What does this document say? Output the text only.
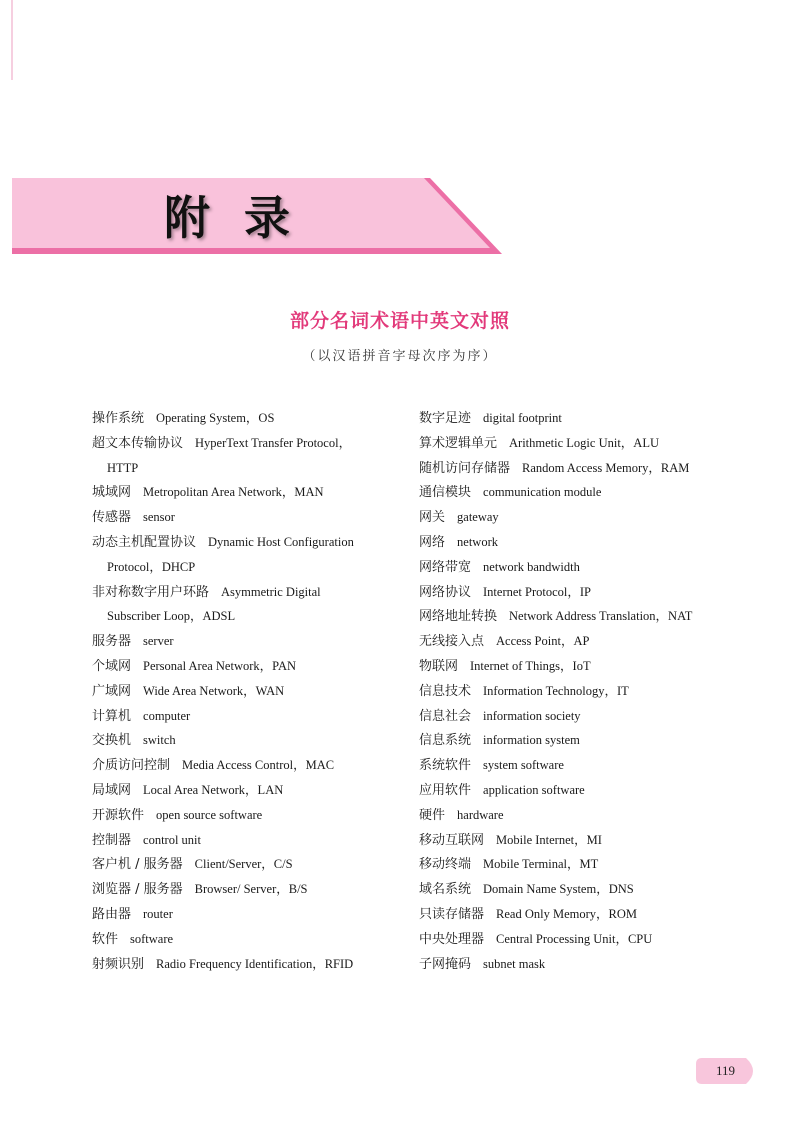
附录
部分名词术语中英文对照
（以汉语拼音字母次序为序）
操作系统 Operating System，OS
超文本传输协议 HyperText Transfer Protocol，
HTTP
城域网 Metropolitan Area Network，MAN
传感器 sensor
动态主机配置协议 Dynamic Host Configuration
Protocol，DHCP
非对称数字用户环路 Asymmetric Digital
Subscriber Loop，ADSL
服务器 server
个域网 Personal Area Network，PAN
广域网 Wide Area Network，WAN
计算机 computer
交换机 switch
介质访问控制 Media Access Control，MAC
局域网 Local Area Network，LAN
开源软件 open source software
控制器 control unit
客户机 / 服务器 Client/Server，C/S
浏览器 / 服务器 Browser/ Server，B/S
路由器 router
软件 software
射频识别 Radio Frequency Identification，RFID
数字足迹 digital footprint
算术逻辑单元 Arithmetic Logic Unit，ALU
随机访问存储器 Random Access Memory，RAM
通信模块 communication module
网关 gateway
网络 network
网络带宽 network bandwidth
网络协议 Internet Protocol，IP
网络地址转换 Network Address Translation，NAT
无线接入点 Access Point，AP
物联网 Internet of Things，IoT
信息技术 Information Technology，IT
信息社会 information society
信息系统 information system
系统软件 system software
应用软件 application software
硬件 hardware
移动互联网 Mobile Internet，MI
移动终端 Mobile Terminal，MT
域名系统 Domain Name System，DNS
只读存储器 Read Only Memory，ROM
中央处理器 Central Processing Unit，CPU
子网掩码 subnet mask
119
